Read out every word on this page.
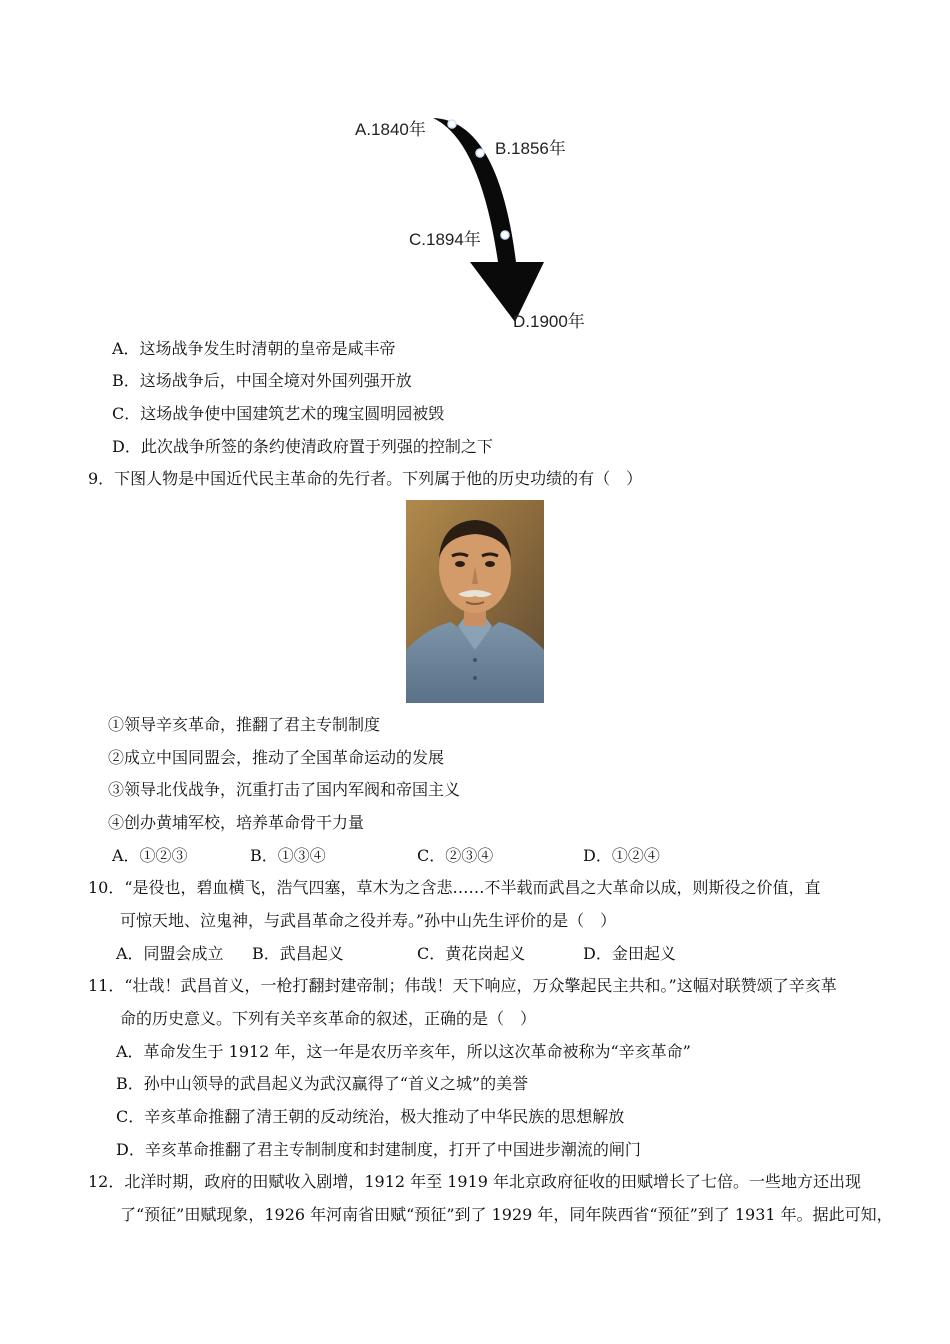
A.1840年
B.1856年
C.1894年
D.1900年
A．这场战争发生时清朝的皇帝是咸丰帝
B．这场战争后，中国全境对外国列强开放
C．这场战争使中国建筑艺术的瑰宝圆明园被毁
D．此次战争所签的条约使清政府置于列强的控制之下
9．下图人物是中国近代民主革命的先行者。下列属于他的历史功绩的有（　）
①领导辛亥革命，推翻了君主专制制度
②成立中国同盟会，推动了全国革命运动的发展
③领导北伐战争，沉重打击了国内军阀和帝国主义
④创办黄埔军校，培养革命骨干力量
A．①②③	B．①③④	C．②③④	D．①②④
10．“是役也，碧血横飞，浩气四塞，草木为之含悲……不半载而武昌之大革命以成，则斯役之价值，直
可惊天地、泣鬼神，与武昌革命之役并寿。”孙中山先生评价的是（　）
A．同盟会成立 B．武昌起义	C．黄花岗起义	D．金田起义
11．“壮哉！武昌首义，一枪打翻封建帝制；伟哉！天下响应，万众擎起民主共和。”这幅对联赞颂了辛亥革
命的历史意义。下列有关辛亥革命的叙述，正确的是（　）
A．革命发生于 1912 年，这一年是农历辛亥年，所以这次革命被称为“辛亥革命”
B．孙中山领导的武昌起义为武汉赢得了“首义之城”的美誉
C．辛亥革命推翻了清王朝的反动统治，极大推动了中华民族的思想解放
D．辛亥革命推翻了君主专制制度和封建制度，打开了中国进步潮流的闸门
12．北洋时期，政府的田赋收入剧增，1912 年至 1919 年北京政府征收的田赋增长了七倍。一些地方还出现
了“预征”田赋现象，1926 年河南省田赋“预征”到了 1929 年，同年陕西省“预征”到了 1931 年。据此可知，
